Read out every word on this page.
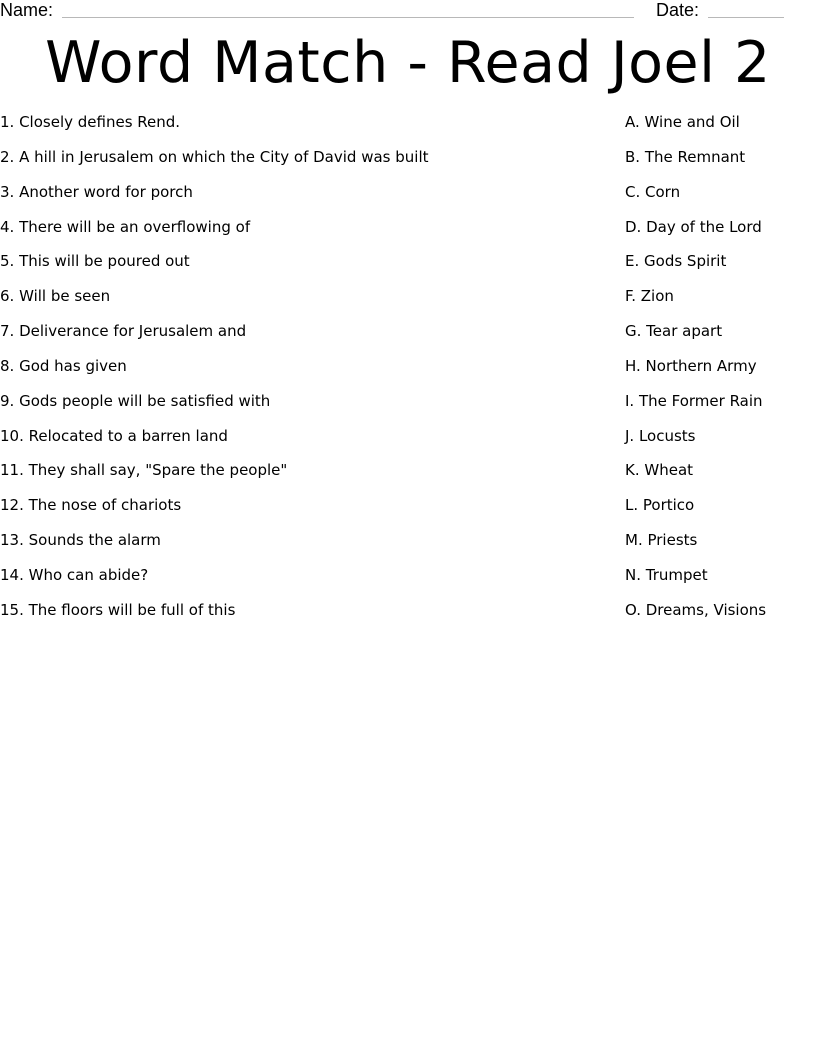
Name:	Date:
Word Match - Read Joel 2
1. Closely defines Rend.
2. A hill in Jerusalem on which the City of David was built
3. Another word for porch
4. There will be an overflowing of
5. This will be poured out
6. Will be seen
7. Deliverance for Jerusalem and
8. God has given
9. Gods people will be satisfied with
10. Relocated to a barren land
11. They shall say, "Spare the people"
12. The nose of chariots
13. Sounds the alarm
14. Who can abide?
15. The floors will be full of this
A. Wine and Oil
B. The Remnant
C. Corn
D. Day of the Lord
E. Gods Spirit
F. Zion
G. Tear apart
H. Northern Army
I. The Former Rain
J. Locusts
K. Wheat
L. Portico
M. Priests
N. Trumpet
O. Dreams, Visions
